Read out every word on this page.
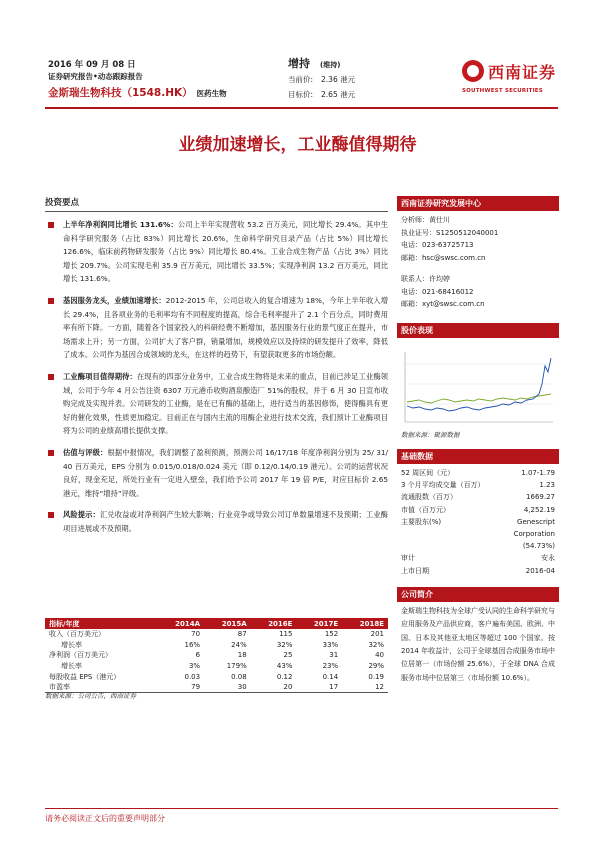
2016 年 09 月 08 日
证券研究报告•动态跟踪报告
金斯瑞生物科技（1548.HK） 医药生物
增持 (维持)
当前价: 2.36 港元
目标价: 2.65 港元
西南证券
SOUTHWEST SECURITIES
业绩加速增长，工业酶值得期待
投资要点
上半年净利润同比增长 131.6%：公司上半年实现营收 53.2 百万美元，同比增长 29.4%。其中生命科学研究服务（占比 83%）同比增长 20.6%，生命科学研究目录产品（占比 5%）同比增长 126.6%，临床前药物研发服务（占比 9%）同比增长 80.4%。工业合成生物产品（占比 3%）同比增长 209.7%。公司实现毛利 35.9 百万美元，同比增长 33.5%；实现净利润 13.2 百万美元，同比增长 131.6%。
基因服务龙头，业绩加速增长：2012-2015 年，公司总收入的复合增速为 18%，今年上半年收入增长 29.4%，且各项业务的毛利率均有不同程度的提高，综合毛利率提升了 2.1 个百分点，同时费用率有所下降。一方面，随着各个国家投入的科研经费不断增加，基因服务行业的景气度正在提升，市场需求上升；另一方面，公司扩大了客户群，销量增加，规模效应以及持续的研发提升了效率，降低了成本。公司作为基因合成领域的龙头，在这样的趋势下，有望获取更多的市场份额。
工业酶项目值得期待：在现有的四部分业务中，工业合成生物将是未来的重点，目前已涉足工业酶领域，公司于今年 4 月公告注资 6307 万元港币收购酒泉酿造厂 51%的股权，并于 6 月 30 日宣布收购完成及实现并表。公司研发的工业酶，是在已有酶的基础上，进行适当的基因修饰，使得酶具有更好的催化效果，性质更加稳定。目前正在与国内主流的用酶企业进行技术交流，我们预计工业酶项目将为公司的业绩高增长提供支撑。
估值与评级：根据中报情况，我们调整了盈利预测，预测公司 16/17/18 年度净利润分别为 25/ 31/ 40 百万美元，EPS 分别为 0.015/0.018/0.024 美元（即 0.12/0.14/0.19 港元）。公司的运营状况良好，现金充足，所处行业有一定进入壁垒，我们给予公司 2017 年 19 倍 P/E，对应目标价 2.65 港元，维持“增持”评级。
风险提示：汇兑收益或对净利润产生较大影响；行业竞争或导致公司订单数量增速不及预期；工业酶项目进展或不及预期。
指标/年度	2014A	2015A	2016E	2017E	2018E
收入（百万美元）	70	87	115	152	201
增长率	16%	24%	32%	33%	32%
净利润（百万美元）	6	18	25	31	40
增长率	3%	179%	43%	23%	29%
每股收益 EPS（港元）	0.03	0.08	0.12	0.14	0.19
市盈率	79	30	20	17	12
数据来源：公司公告，西南证券
西南证券研究发展中心
分析师：黄仕川
执业证号：S1250512040001
电话：023-63725713
邮箱：hsc@swsc.com.cn
联系人：许均婷
电话：021-68416012
邮箱：xyt@swsc.com.cn
股价表现
数据来源：聚源数据
基础数据
52 周区间（元）	1.07-1.79
3 个月平均成交量（百万）	1.23
流通股数（百万）	1669.27
市值（百万元）	4,252.19
主要股东(%)	Genescript
Corporation
(54.73%)
审计	安永
上市日期	2016-04
公司简介
金斯瑞生物科技为全球广受认同的生命科学研究与应用服务及产品供应商，客户遍布美国、欧洲、中国、日本及其他亚太地区等超过 100 个国家。按 2014 年收益计，公司于全球基因合成服务市场中位居第一（市场份额 25.6%），于全球 DNA 合成服务市场中位居第三（市场份额 10.6%）。
请务必阅读正文后的重要声明部分
